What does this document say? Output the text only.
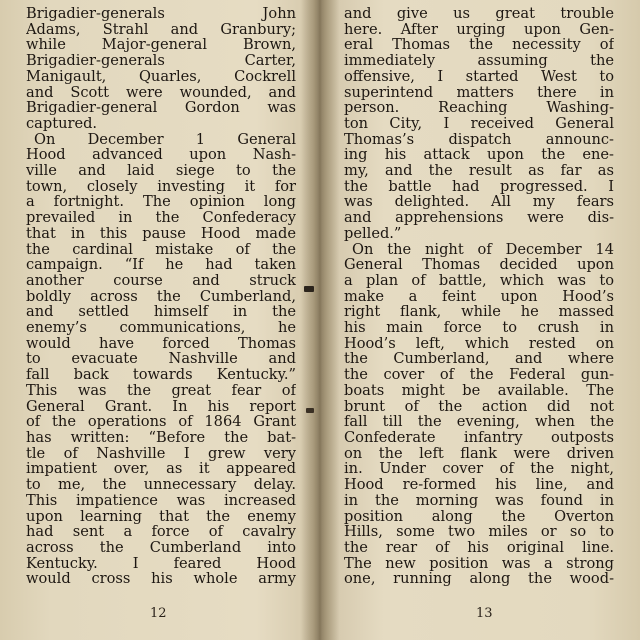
Brigadier-generals John
Adams, Strahl and Granbury;
while Major-general Brown,
Brigadier-generals Carter,
Manigault, Quarles, Cockrell
and Scott were wounded, and
Brigadier-general Gordon was
captured.
On December 1 General
Hood advanced upon Nash-
ville and laid siege to the
town, closely investing it for
a fortnight. The opinion long
prevailed in the Confederacy
that in this pause Hood made
the cardinal mistake of the
campaign. “If he had taken
another course and struck
boldly across the Cumberland,
and settled himself in the
enemy’s communications, he
would have forced Thomas
to evacuate Nashville and
fall back towards Kentucky.”
This was the great fear of
General Grant. In his report
of the operations of 1864 Grant
has written: “Before the bat-
tle of Nashville I grew very
impatient over, as it appeared
to me, the unnecessary delay.
This impatience was increased
upon learning that the enemy
had sent a force of cavalry
across the Cumberland into
Kentucky. I feared Hood
would cross his whole army
and give us great trouble
here. After urging upon Gen-
eral Thomas the necessity of
immediately assuming the
offensive, I started West to
superintend matters there in
person. Reaching Washing-
ton City, I received General
Thomas’s dispatch announc-
ing his attack upon the ene-
my, and the result as far as
the battle had progressed. I
was delighted. All my fears
and apprehensions were dis-
pelled.”
On the night of December 14
General Thomas decided upon
a plan of battle, which was to
make a feint upon Hood’s
right flank, while he massed
his main force to crush in
Hood’s left, which rested on
the Cumberland, and where
the cover of the Federal gun-
boats might be available. The
brunt of the action did not
fall till the evening, when the
Confederate infantry outposts
on the left flank were driven
in. Under cover of the night,
Hood re-formed his line, and
in the morning was found in
position along the Overton
Hills, some two miles or so to
the rear of his original line.
The new position was a strong
one, running along the wood-
12	13
